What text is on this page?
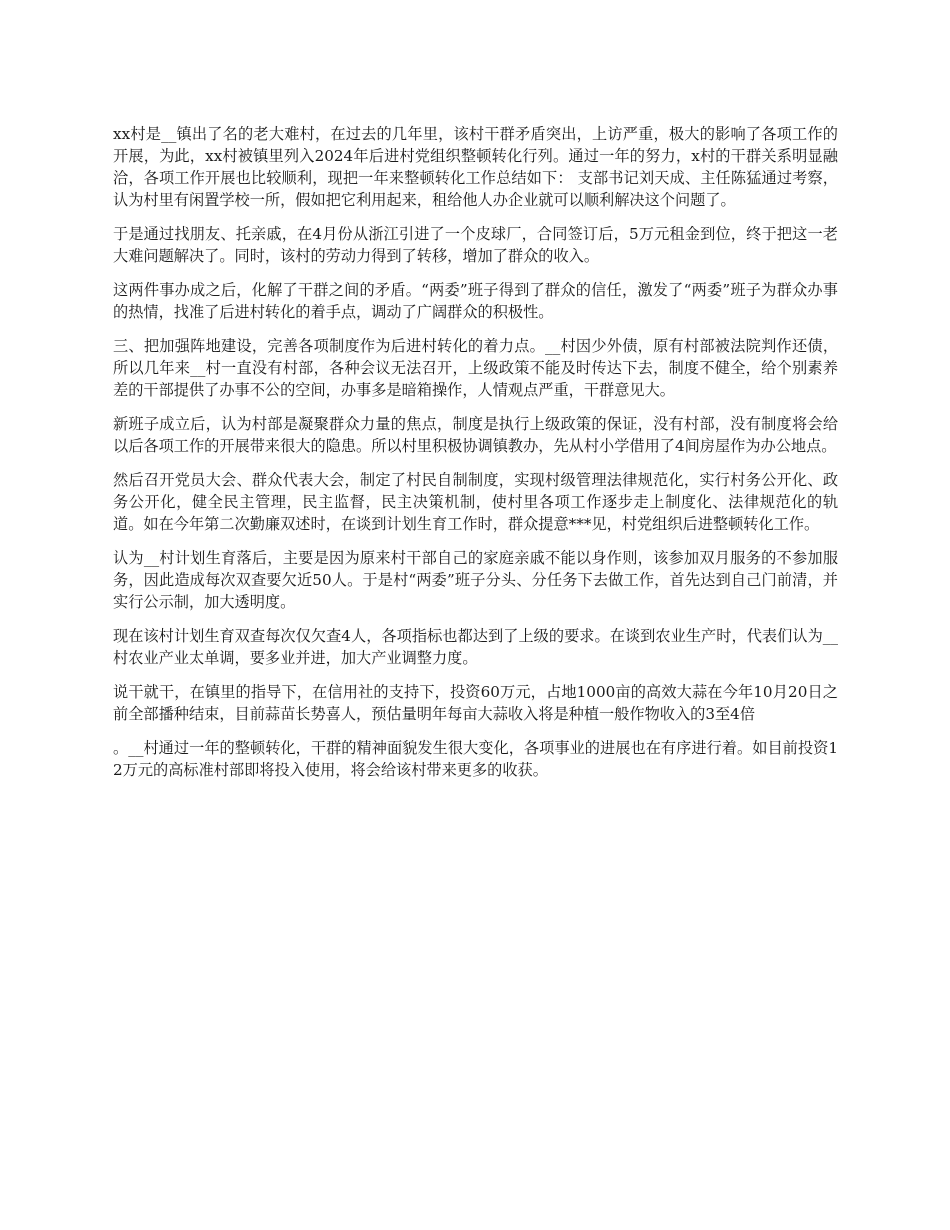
xx村是__镇出了名的老大难村，在过去的几年里，该村干群矛盾突出，上访严重，极大的影响了各项工作的开展，为此，xx村被镇里列入2024年后进村党组织整顿转化行列。通过一年的努力，x村的干群关系明显融洽，各项工作开展也比较顺利，现把一年来整顿转化工作总结如下： 支部书记刘天成、主任陈猛通过考察，认为村里有闲置学校一所，假如把它利用起来，租给他人办企业就可以顺利解决这个问题了。

于是通过找朋友、托亲戚，在4月份从浙江引进了一个皮球厂，合同签订后，5万元租金到位，终于把这一老大难问题解决了。同时，该村的劳动力得到了转移，增加了群众的收入。

这两件事办成之后，化解了干群之间的矛盾。“两委”班子得到了群众的信任，激发了“两委”班子为群众办事的热情，找准了后进村转化的着手点，调动了广阔群众的积极性。

三、把加强阵地建设，完善各项制度作为后进村转化的着力点。__村因少外债，原有村部被法院判作还债，所以几年来__村一直没有村部，各种会议无法召开，上级政策不能及时传达下去，制度不健全，给个别素养差的干部提供了办事不公的空间，办事多是暗箱操作，人情观点严重，干群意见大。

新班子成立后，认为村部是凝聚群众力量的焦点，制度是执行上级政策的保证，没有村部，没有制度将会给以后各项工作的开展带来很大的隐患。所以村里积极协调镇教办，先从村小学借用了4间房屋作为办公地点。

然后召开党员大会、群众代表大会，制定了村民自制制度，实现村级管理法律规范化，实行村务公开化、政务公开化，健全民主管理，民主监督，民主决策机制，使村里各项工作逐步走上制度化、法律规范化的轨道。如在今年第二次勤廉双述时，在谈到计划生育工作时，群众提意***见，村党组织后进整顿转化工作。

认为__村计划生育落后，主要是因为原来村干部自己的家庭亲戚不能以身作则，该参加双月服务的不参加服务，因此造成每次双查要欠近50人。于是村“两委”班子分头、分任务下去做工作，首先达到自己门前清，并实行公示制，加大透明度。

现在该村计划生育双查每次仅欠查4人，各项指标也都达到了上级的要求。在谈到农业生产时，代表们认为__村农业产业太单调，要多业并进，加大产业调整力度。

说干就干，在镇里的指导下，在信用社的支持下，投资60万元，占地1000亩的高效大蒜在今年10月20日之前全部播种结束，目前蒜苗长势喜人，预估量明年每亩大蒜收入将是种植一般作物收入的3至4倍

。__村通过一年的整顿转化，干群的精神面貌发生很大变化，各项事业的进展也在有序进行着。如目前投资12万元的高标准村部即将投入使用，将会给该村带来更多的收获。
